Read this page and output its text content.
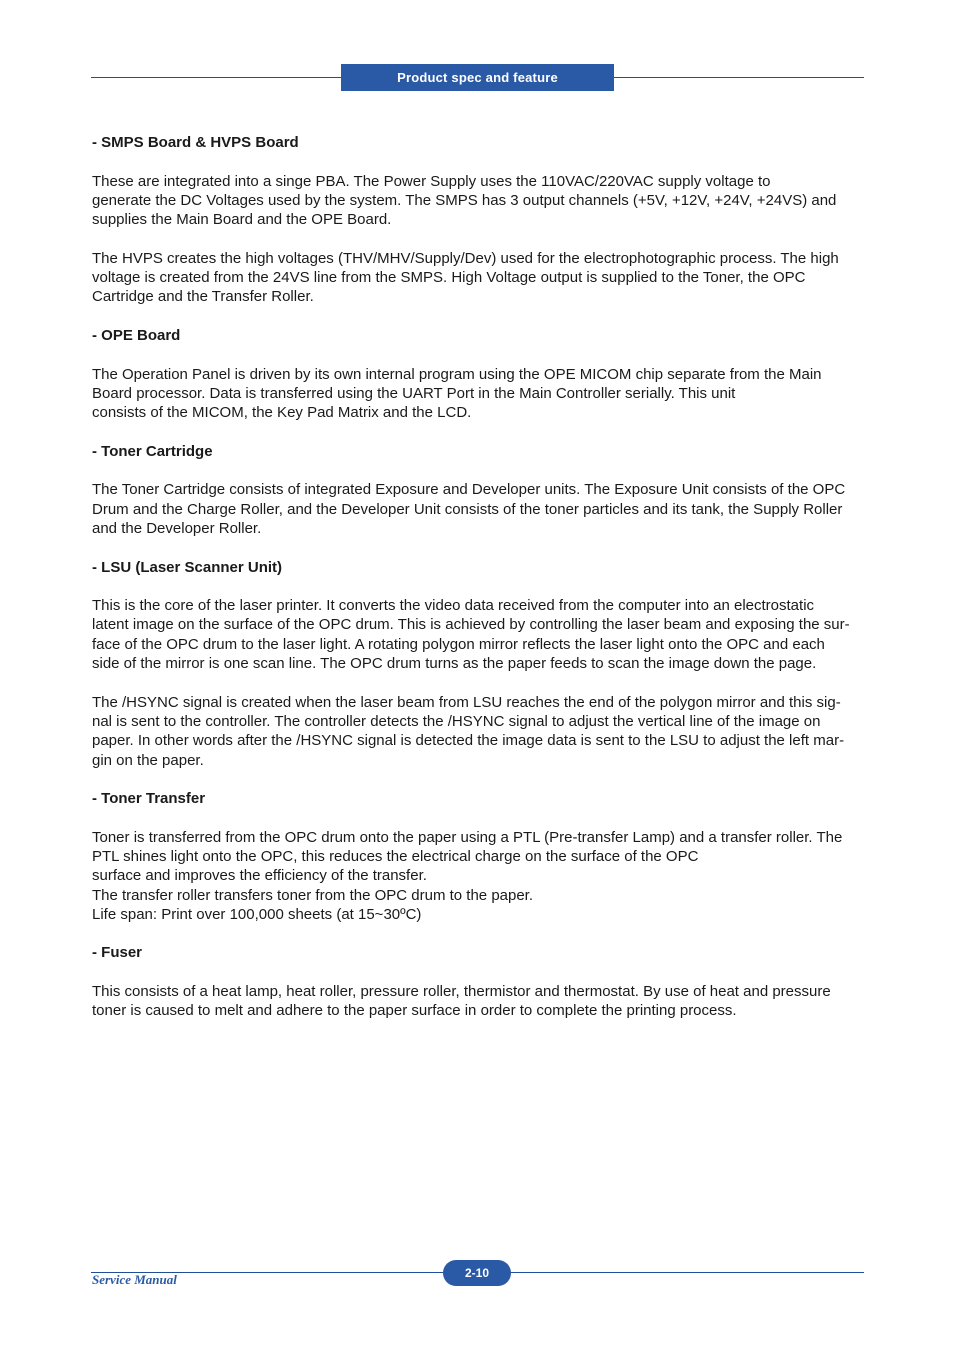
Product spec and feature
- SMPS Board & HVPS Board
These are integrated into a singe PBA. The Power Supply uses the 110VAC/220VAC supply voltage to
generate the DC Voltages used by the system. The SMPS has 3 output channels (+5V, +12V, +24V, +24VS) and
supplies the Main Board and the OPE Board.
The HVPS creates the high voltages (THV/MHV/Supply/Dev) used for the electrophotographic process. The high
voltage is created from the 24VS line from the SMPS. High Voltage output is supplied to the Toner, the OPC
Cartridge and the Transfer Roller.
- OPE Board
The Operation Panel is driven by its own internal program using the OPE MICOM chip separate from the Main
Board processor. Data is transferred using the UART Port in the Main Controller serially. This unit
consists of the MICOM, the Key Pad Matrix and the LCD.
- Toner Cartridge
The Toner Cartridge consists of integrated Exposure and Developer units. The Exposure Unit consists of the OPC
Drum and the Charge Roller, and the Developer Unit consists of the toner particles and its tank, the Supply Roller
and the Developer Roller.
- LSU (Laser Scanner Unit)
This is the core of the laser printer. It converts the video data received from the computer into an electrostatic
latent image on the surface of the OPC drum. This is achieved by controlling the laser beam and exposing the sur-
face of the OPC drum to the laser light. A rotating polygon mirror reflects the laser light onto the OPC and each
side of the mirror is one scan line. The OPC drum turns as the paper feeds to scan the image down the page.
The /HSYNC signal is created when the laser beam from LSU reaches the end of the polygon mirror and this sig-
nal is sent to the controller. The controller detects the /HSYNC signal to adjust the vertical line of the image on
paper. In other words after the /HSYNC signal is detected the image data is sent to the LSU to adjust the left mar-
gin on the paper.
- Toner Transfer
Toner is transferred from the OPC drum onto the paper using a PTL (Pre-transfer Lamp) and a transfer roller. The
PTL shines light onto the OPC, this reduces the electrical charge on the surface of the OPC
surface and improves the efficiency of the transfer.
The transfer roller transfers toner from the OPC drum to the paper.
Life span: Print over 100,000 sheets (at 15~30ºC)
- Fuser
This consists of a heat lamp, heat roller, pressure roller, thermistor and thermostat. By use of heat and pressure
toner is caused to melt and adhere to the paper surface in order to complete the printing process.
Service Manual	2-10
